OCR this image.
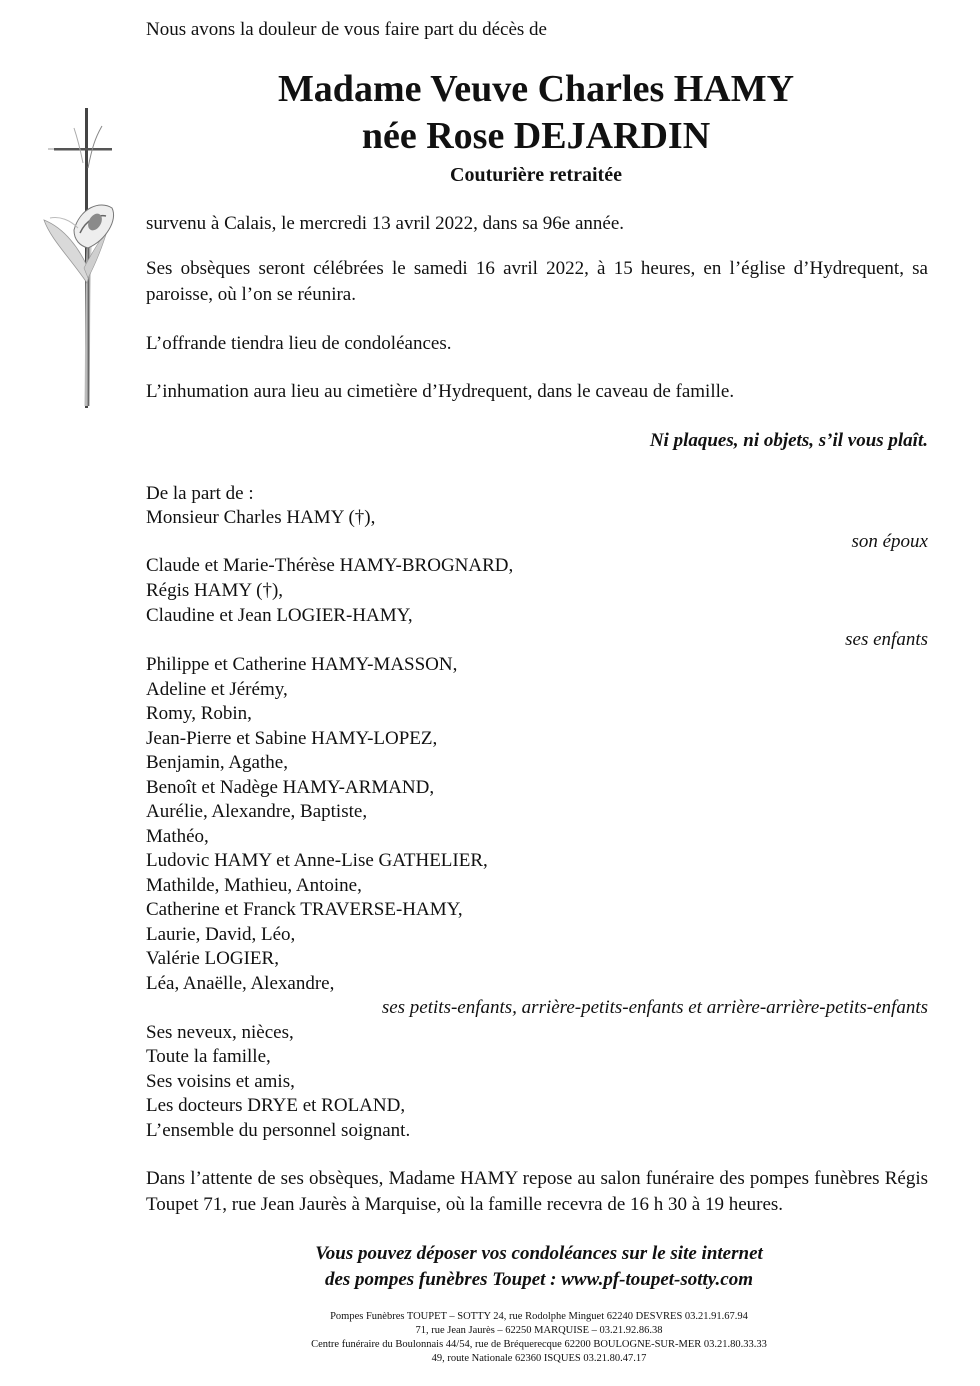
Nous avons la douleur de vous faire part du décès de
Madame Veuve Charles HAMY
née Rose DEJARDIN
Couturière retraitée
survenu à Calais, le mercredi 13 avril 2022, dans sa 96e année.
Ses obsèques seront célébrées le samedi 16 avril 2022, à 15 heures, en l’église d’Hydrequent, sa paroisse, où l’on se réunira.
L’offrande tiendra lieu de condoléances.
L’inhumation aura lieu au cimetière d’Hydrequent, dans le caveau de famille.
Ni plaques, ni objets, s’il vous plaît.
De la part de :
Monsieur Charles HAMY (†),
son époux
Claude et Marie-Thérèse HAMY-BROGNARD,
Régis HAMY (†),
Claudine et Jean LOGIER-HAMY,
ses enfants
Philippe et Catherine HAMY-MASSON,
Adeline et Jérémy,
Romy, Robin,
Jean-Pierre et Sabine HAMY-LOPEZ,
Benjamin, Agathe,
Benoît et Nadège HAMY-ARMAND,
Aurélie, Alexandre, Baptiste,
Mathéo,
Ludovic HAMY et Anne-Lise GATHELIER,
Mathilde, Mathieu, Antoine,
Catherine et Franck TRAVERSE-HAMY,
Laurie, David, Léo,
Valérie LOGIER,
Léa, Anaëlle, Alexandre,
ses petits-enfants, arrière-petits-enfants et arrière-arrière-petits-enfants
Ses neveux, nièces,
Toute la famille,
Ses voisins et amis,
Les docteurs DRYE et ROLAND,
L’ensemble du personnel soignant.
Dans l’attente de ses obsèques, Madame HAMY repose au salon funéraire des pompes funèbres Régis Toupet 71, rue Jean Jaurès à Marquise, où la famille recevra de 16 h 30 à 19 heures.
Vous pouvez déposer vos condoléances sur le site internet
des pompes funèbres Toupet : www.pf-toupet-sotty.com
Pompes Funèbres TOUPET – SOTTY 24, rue Rodolphe Minguet 62240 DESVRES 03.21.91.67.94
71, rue Jean Jaurès – 62250 MARQUISE – 03.21.92.86.38
Centre funéraire du Boulonnais 44/54, rue de Bréquerecque 62200 BOULOGNE-SUR-MER 03.21.80.33.33
49, route Nationale 62360 ISQUES 03.21.80.47.17
